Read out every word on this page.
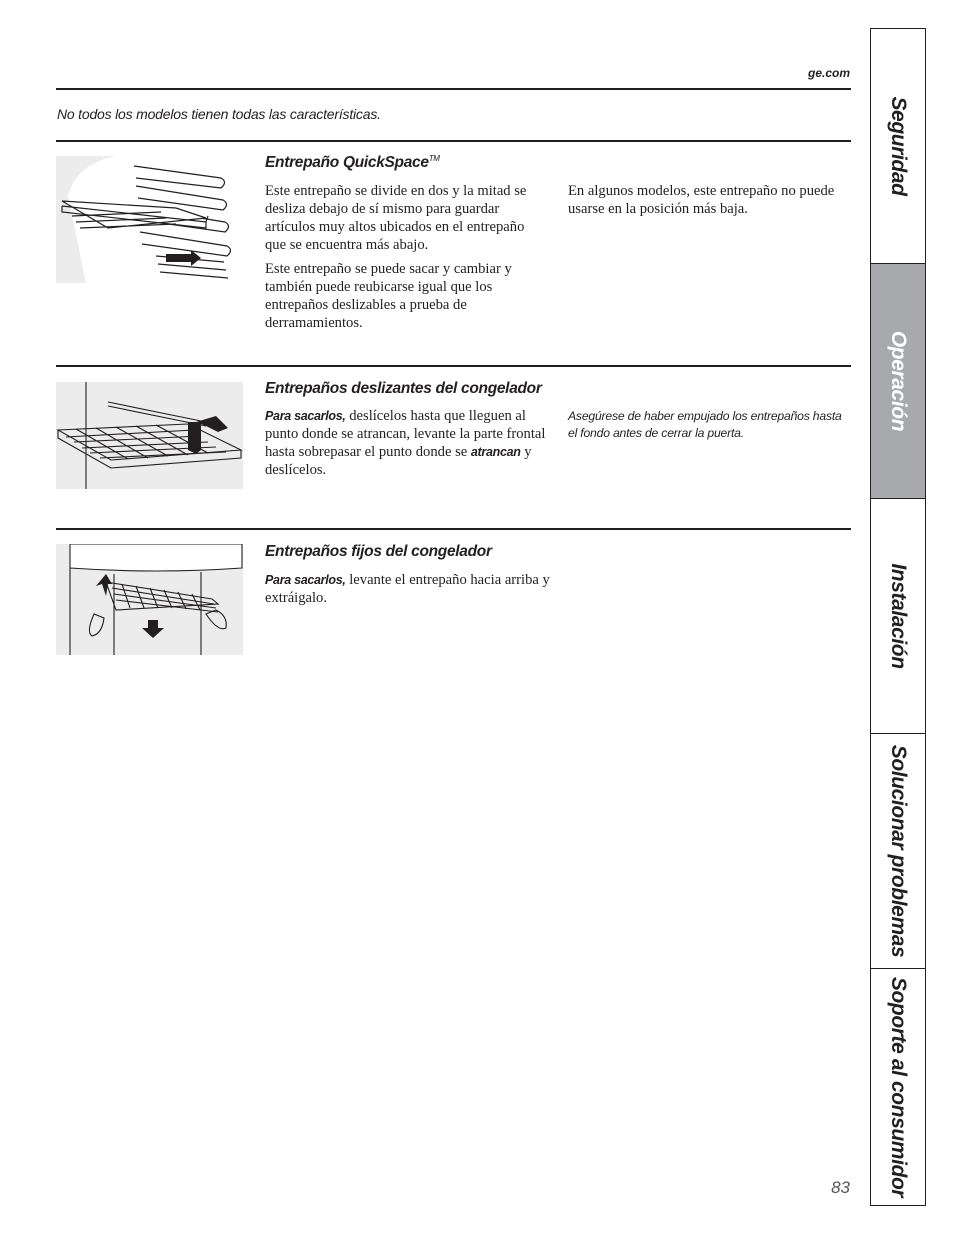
ge.com
No todos los modelos tienen todas las características.
Entrepaño QuickSpace™

Este entrepaño se divide en dos y la mitad se desliza debajo de sí mismo para guardar artículos muy altos ubicados en el entrepaño que se encuentra más abajo.

Este entrepaño se puede sacar y cambiar y también puede reubicarse igual que los entrepaños deslizables a prueba de derramamientos.

En algunos modelos, este entrepaño no puede usarse en la posición más baja.

Entrepaños deslizantes del congelador

Para sacarlos, deslícelos hasta que lleguen al punto donde se atrancan, levante la parte frontal hasta sobrepasar el punto donde se atrancan y deslícelos.

Asegúrese de haber empujado los entrepaños hasta el fondo antes de cerrar la puerta.
Entrepaños fijos del congelador

Para sacarlos, levante el entrepaño hacia arriba y extráigalo.

Seguridad
Operación
Instalación
Solucionar problemas
Soporte al consumidor
83
